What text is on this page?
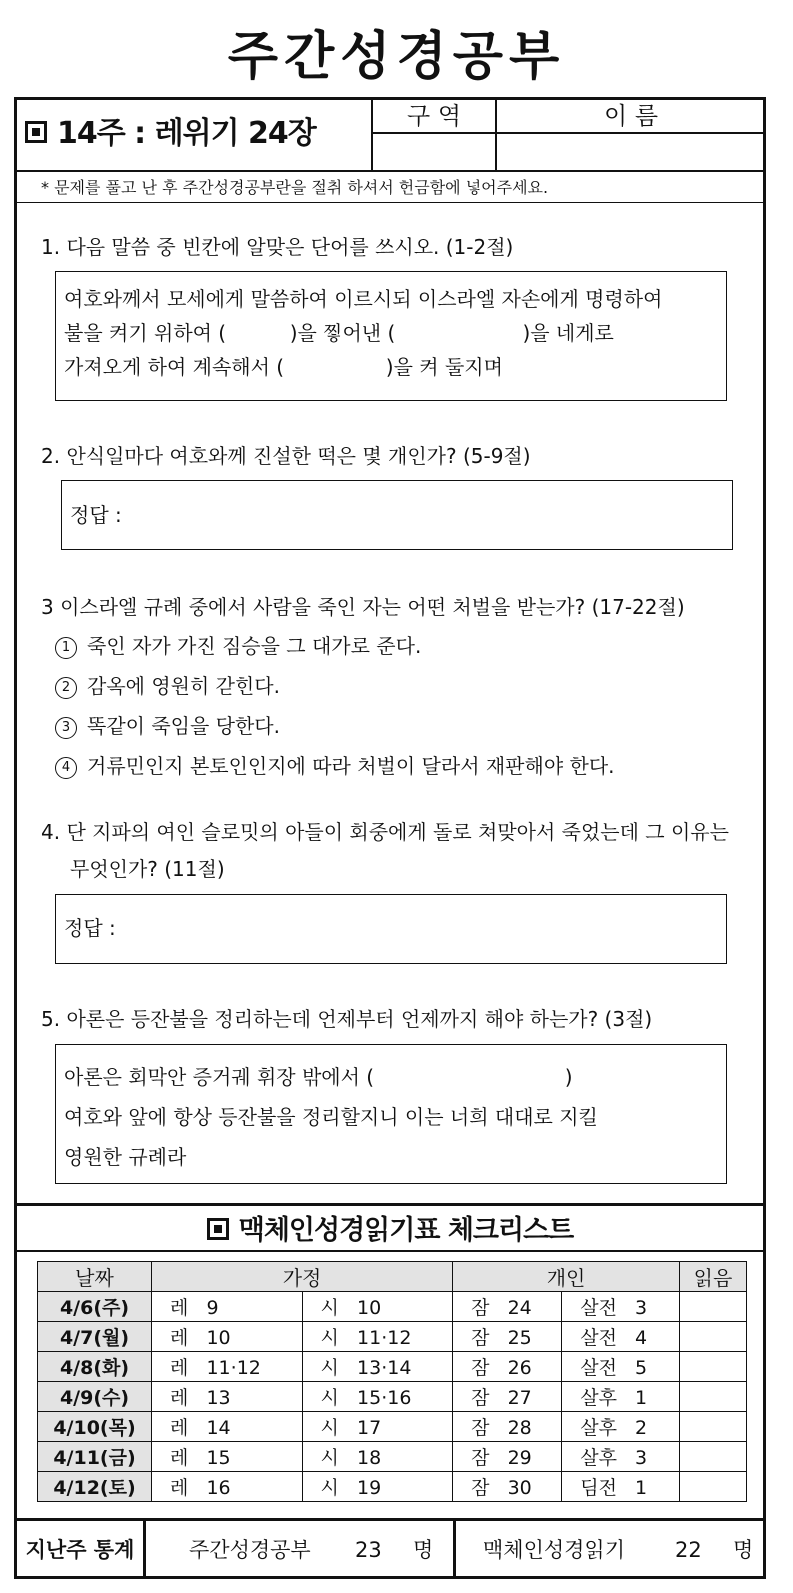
주간성경공부
14주 : 레위기 24장	구 역	이 름
* 문제를 풀고 난 후 주간성경공부란을 절취 하셔서 헌금함에 넣어주세요.
1. 다음 말씀 중 빈칸에 알맞은 단어를 쓰시오. (1-2절)
여호와께서 모세에게 말씀하여 이르시되 이스라엘 자손에게 명령하여
불을 켜기 위하여 (          )을 찧어낸 (                    )을 네게로
가져오게 하여 계속해서 (                )을 켜 둘지며
2. 안식일마다 여호와께 진설한 떡은 몇 개인가? (5-9절)
정답 :
3 이스라엘 규례 중에서 사람을 죽인 자는 어떤 처벌을 받는가? (17-22절)
1 죽인 자가 가진 짐승을 그 대가로 준다.
2 감옥에 영원히 갇힌다.
3 똑같이 죽임을 당한다.
4 거류민인지 본토인인지에 따라 처벌이 달라서 재판해야 한다.
4. 단 지파의 여인 슬로밋의 아들이 회중에게 돌로 쳐맞아서 죽었는데 그 이유는
무엇인가? (11절)
정답 :
5. 아론은 등잔불을 정리하는데 언제부터 언제까지 해야 하는가? (3절)
아론은 회막안 증거궤 휘장 밖에서 (                              )
여호와 앞에 항상 등잔불을 정리할지니 이는 너희 대대로 지킬
영원한 규례라
맥체인성경읽기표 체크리스트
날짜	가정		개인		읽음
4/6(주)	레   9	시   10	잠   24	살전   3	
4/7(월)	레   10	시   11·12	잠   25	살전   4	
4/8(화)	레   11·12	시   13·14	잠   26	살전   5	
4/9(수)	레   13	시   15·16	잠   27	살후   1	
4/10(목)	레   14	시   17	잠   28	살후   2	
4/11(금)	레   15	시   18	잠   29	살후   3	
4/12(토)	레   16	시   19	잠   30	딤전   1	
지난주 통계	주간성경공부 23 명 맥체인성경읽기 22 명
